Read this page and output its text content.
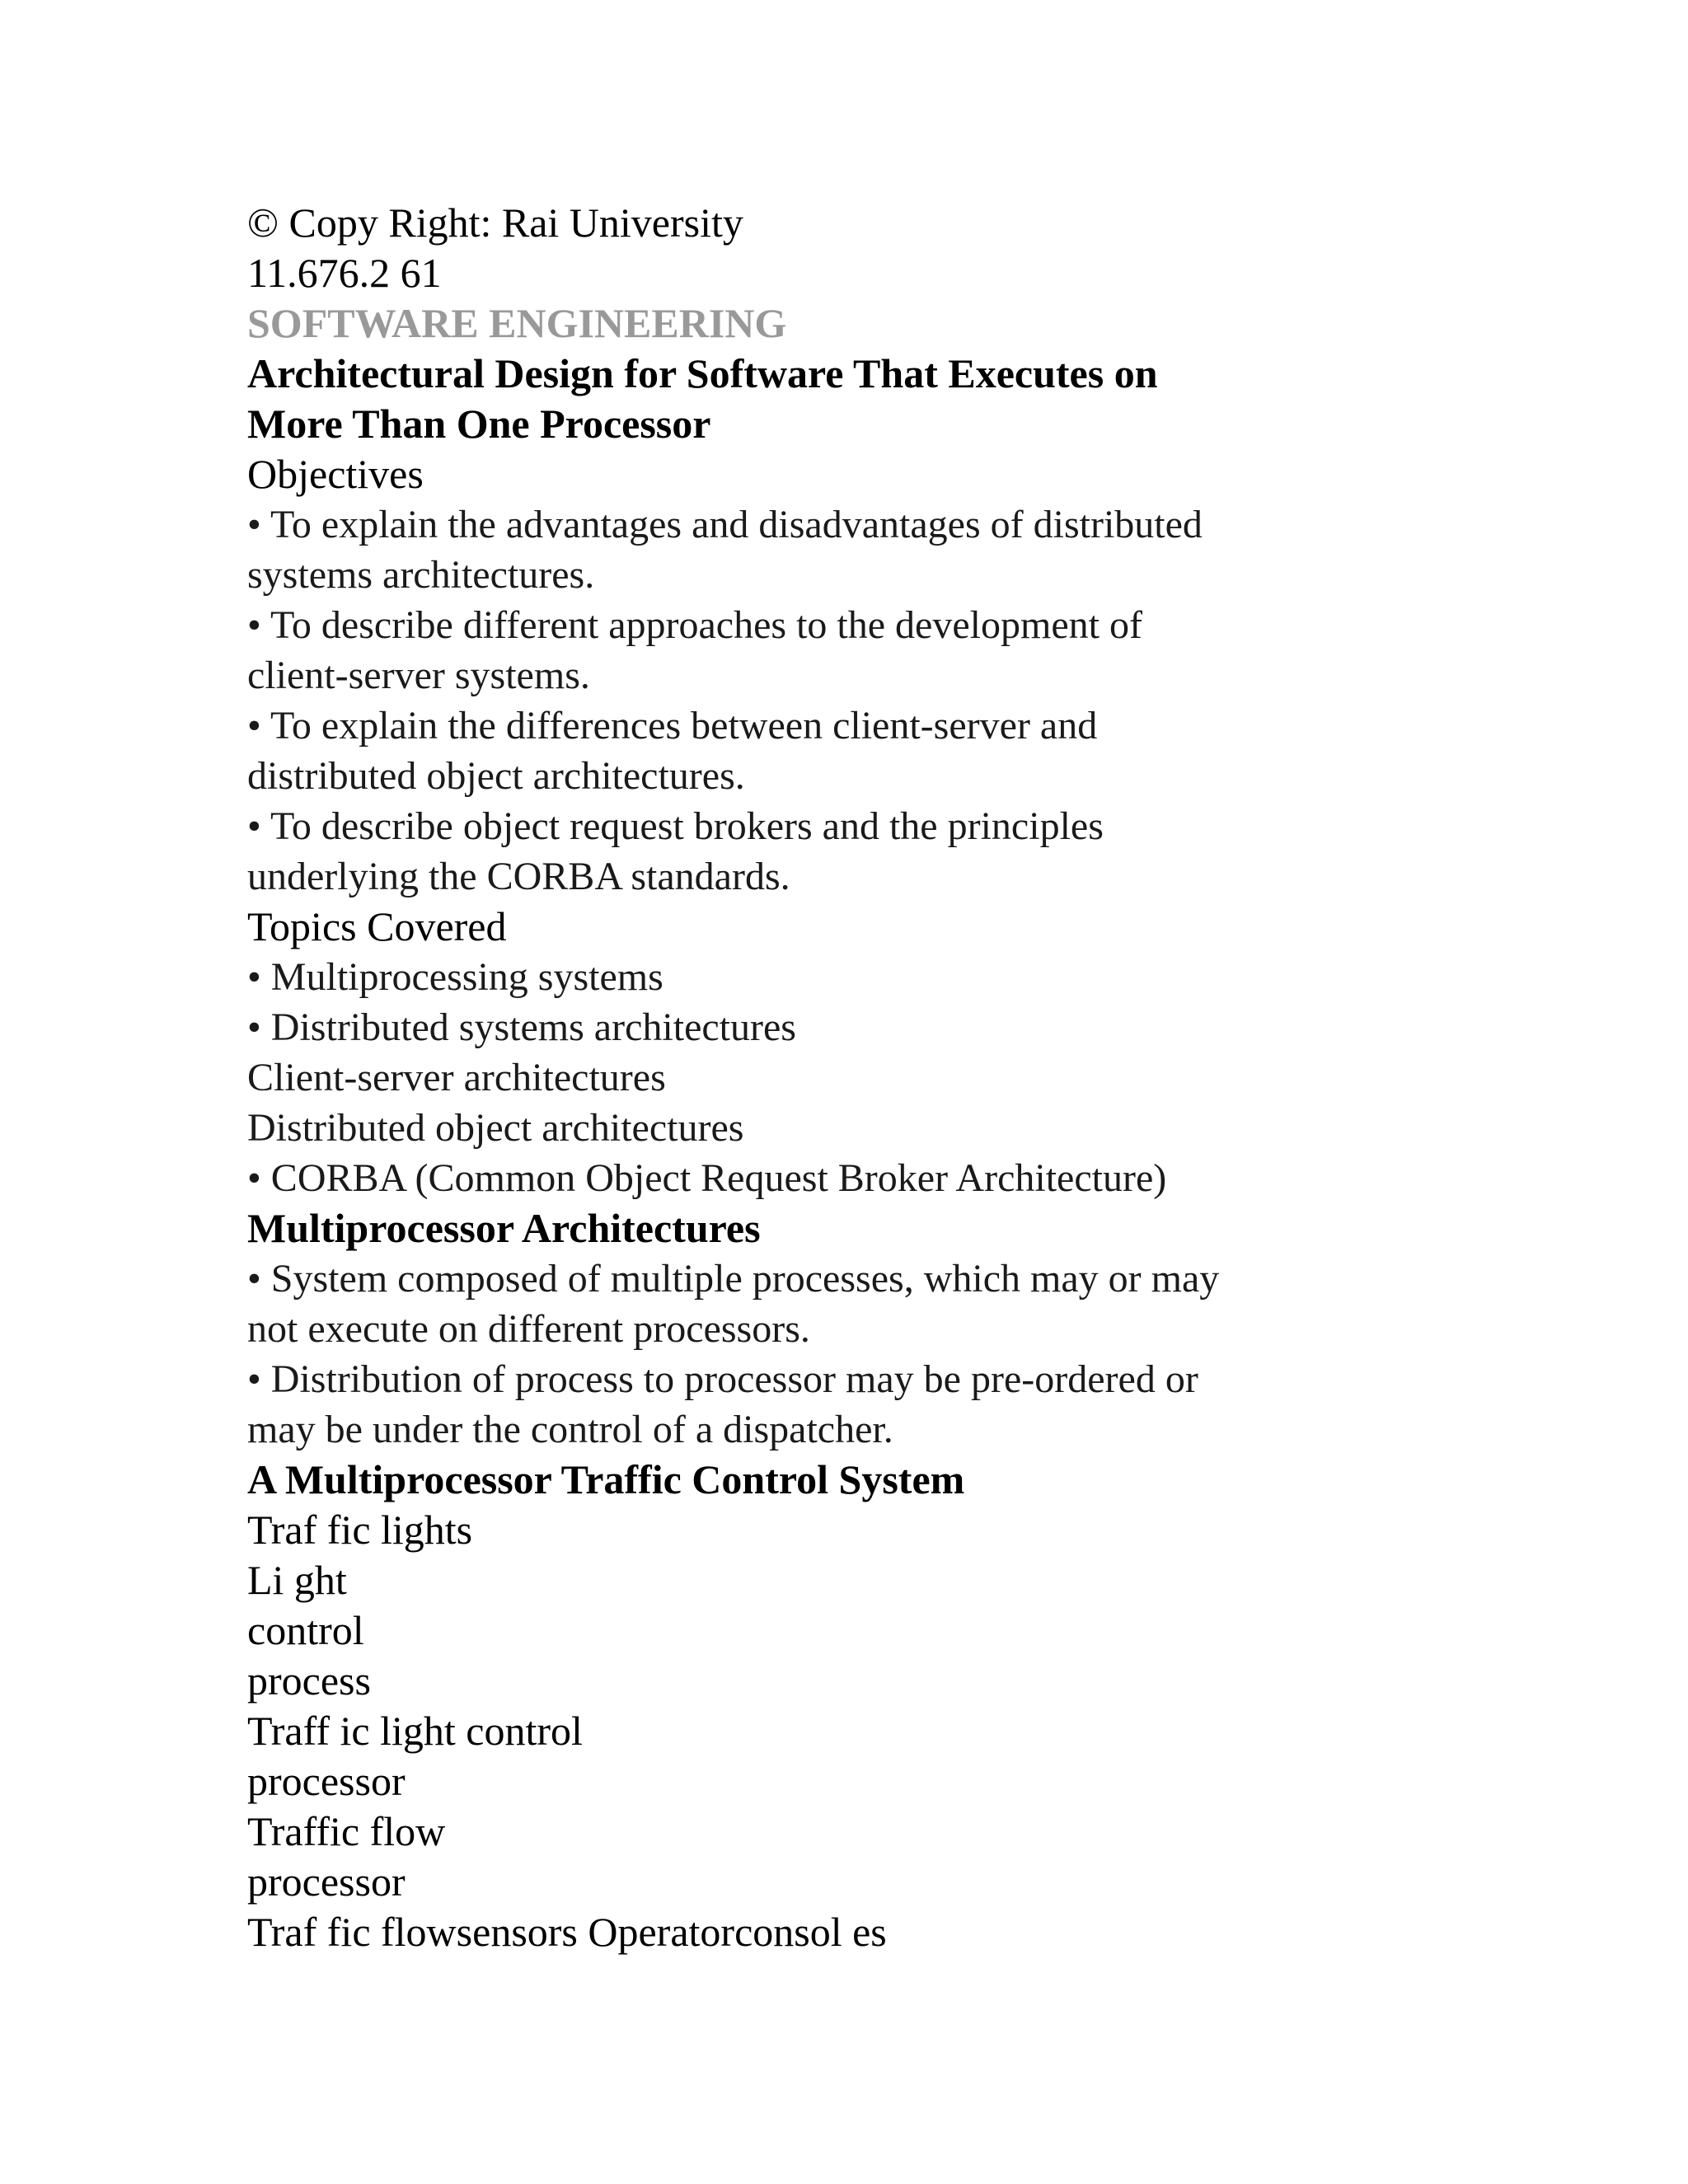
© Copy Right: Rai University
11.676.2 61
SOFTWARE ENGINEERING
Architectural Design for Software That Executes on
More Than One Processor
Objectives
• To explain the advantages and disadvantages of distributed
systems architectures.
• To describe different approaches to the development of
client-server systems.
• To explain the differences between client-server and
distributed object architectures.
• To describe object request brokers and the principles
underlying the CORBA standards.
Topics Covered
• Multiprocessing systems
• Distributed systems architectures
Client-server architectures
Distributed object architectures
• CORBA (Common Object Request Broker Architecture)
Multiprocessor Architectures
• System composed of multiple processes, which may or may
not execute on different processors.
• Distribution of process to processor may be pre-ordered or
may be under the control of a dispatcher.
A Multiprocessor Traffic Control System
Traf fic lights
Li ght
control
process
Traff ic light control
processor
Traffic flow
processor
Traf fic flowsensors Operatorconsol es
